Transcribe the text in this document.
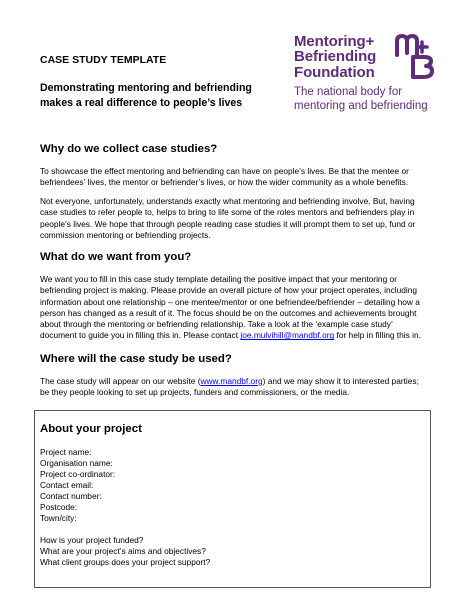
CASE STUDY TEMPLATE
Demonstrating mentoring and befriending
makes a real difference to people’s lives
Mentoring+
Befriending
Foundation
The national body for
mentoring and befriending
Why do we collect case studies?
To showcase the effect mentoring and befriending can have on people’s lives. Be that the mentee or
befriendees’ lives, the mentor or befriender’s lives, or how the wider community as a whole benefits.
Not everyone, unfortunately, understands exactly what mentoring and befriending involve. But, having
case studies to refer people to, helps to bring to life some of the roles mentors and befrienders play in
people’s lives. We hope that through people reading case studies it will prompt them to set up, fund or
commission mentoring or befriending projects.
What do we want from you?
We want you to fill in this case study template detailing the positive impact that your mentoring or
befriending project is making. Please provide an overall picture of how your project operates, including
information about one relationship – one mentee/mentor or one befriendee/befriender – detailing how a
person has changed as a result of it. The focus should be on the outcomes and achievements brought
about through the mentoring or befriending relationship. Take a look at the ‘example case study’
document to guide you in filling this in. Please contact joe.mulvihill@mandbf.org for help in filling this in.
Where will the case study be used?
The case study will appear on our website (www.mandbf.org) and we may show it to interested parties;
be they people looking to set up projects, funders and commissioners, or the media.
About your project
Project name:
Organisation name:
Project co-ordinator:
Contact email:
Contact number:
Postcode:
Town/city:
How is your project funded?
What are your project’s aims and objectives?
What client groups does your project support?
